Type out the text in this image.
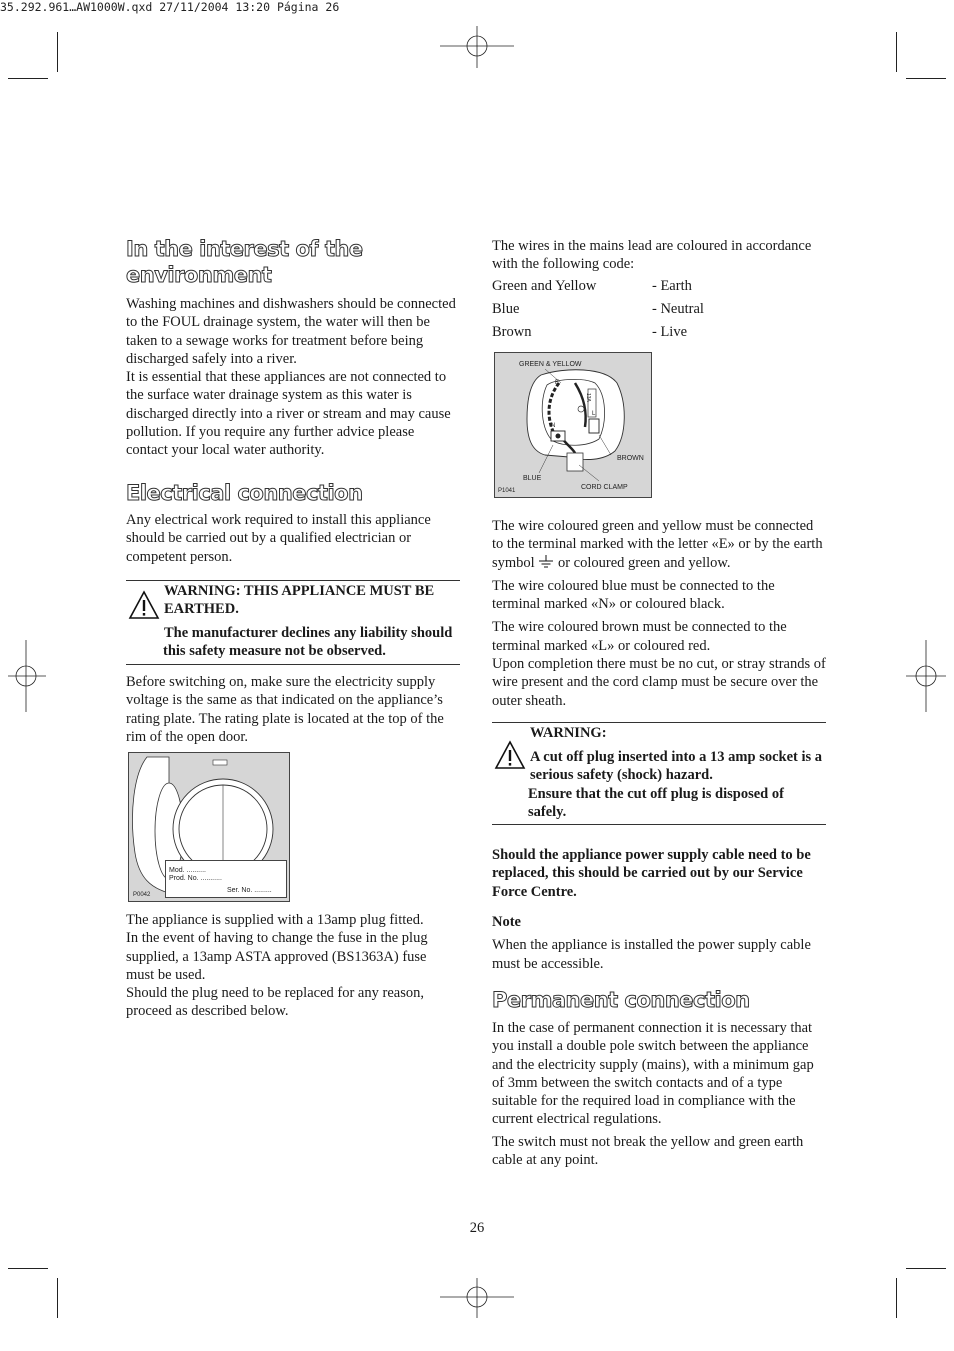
35.292.961…AW1000W.qxd 27/11/2004 13:20 Página 26
In the interest of the environment

Washing machines and dishwashers should be connected to the FOUL drainage system, the water will then be taken to a sewage works for treatment before being discharged safely into a river.

It is essential that these appliances are not connected to the surface water drainage system as this water is discharged directly into a river or stream and may cause pollution. If you require any further advice please contact your local water authority.

Electrical connection

Any electrical work required to install this appliance should be carried out by a qualified electrician or competent person.

WARNING: THIS APPLIANCE MUST BE EARTHED.

The manufacturer declines any liability should this safety measure not be observed.

Before switching on, make sure the electricity supply voltage is the same as that indicated on the appliance’s rating plate. The rating plate is located at the top of the rim of the open door.

Mod. ..........
Prod. No. ...........
Ser. No. .........
P0042

The appliance is supplied with a 13amp plug fitted.

In the event of having to change the fuse in the plug supplied, a 13amp ASTA approved (BS1363A) fuse must be used.

Should the plug need to be replaced for any reason, proceed as described below.

The wires in the mains lead are coloured in accordance with the following code:

Green and Yellow	- Earth
Blue	- Neutral
Brown	- Live
GREEN & YELLOW
BROWN
BLUE
CORD CLAMP
P1041
E
N
L
13A

The wire coloured green and yellow must be connected to the terminal marked with the letter «E» or by the earth symbol or coloured green and yellow.

The wire coloured blue must be connected to the terminal marked «N» or coloured black.

The wire coloured brown must be connected to the terminal marked «L» or coloured red.

Upon completion there must be no cut, or stray strands of wire present and the cord clamp must be secure over the outer sheath.

WARNING:

A cut off plug inserted into a 13 amp socket is a serious safety (shock) hazard.

Ensure that the cut off plug is disposed of safely.

Should the appliance power supply cable need to be replaced, this should be carried out by our Service Force Centre.

Note

When the appliance is installed the power supply cable must be accessible.

Permanent connection

In the case of permanent connection it is necessary that you install a double pole switch between the appliance and the electricity supply (mains), with a minimum gap of 3mm between the switch contacts and of a type suitable for the required load in compliance with the current electrical regulations.

The switch must not break the yellow and green earth cable at any point.

26
